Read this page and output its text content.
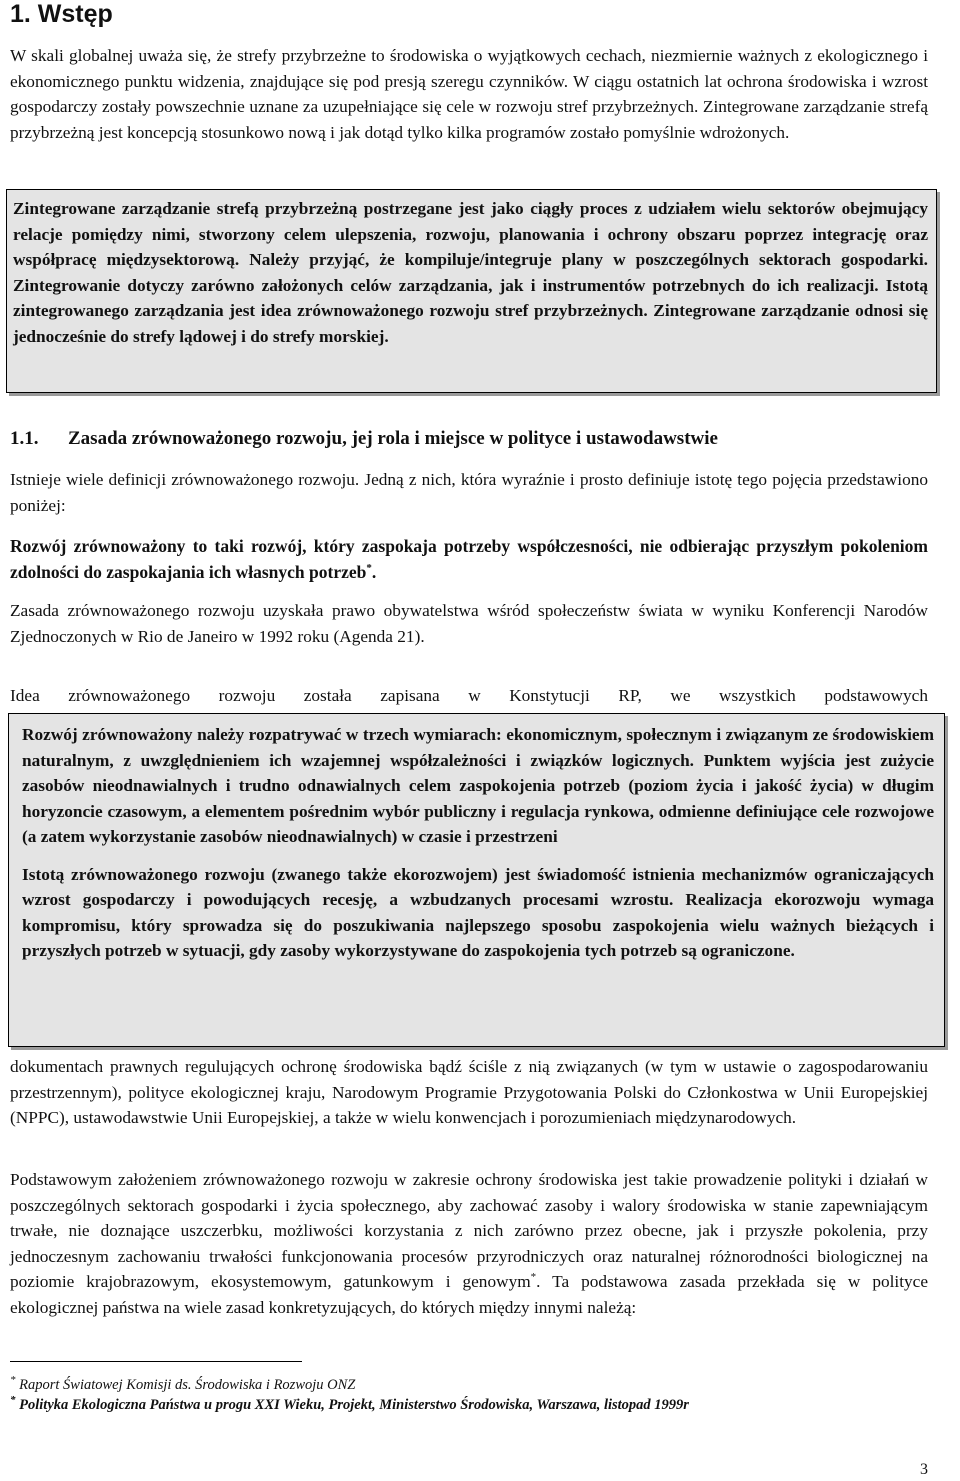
1. Wstęp

W skali globalnej uważa się, że strefy przybrzeżne to środowiska o wyjątkowych cechach, niezmiernie ważnych z ekologicznego i ekonomicznego punktu widzenia, znajdujące się pod presją szeregu czynników. W ciągu ostatnich lat ochrona środowiska i wzrost gospodarczy zostały powszechnie uznane za uzupełniające się cele w rozwoju stref przybrzeżnych. Zintegrowane zarządzanie strefą przybrzeżną jest koncepcją stosunkowo nową i jak dotąd tylko kilka programów zostało pomyślnie wdrożonych.

Zintegrowane zarządzanie strefą przybrzeżną postrzegane jest jako ciągły proces z udziałem wielu sektorów obejmujący relacje pomiędzy nimi, stworzony celem ulepszenia, rozwoju, planowania i ochrony obszaru poprzez integrację oraz współpracę międzysektorową. Należy przyjąć, że kompiluje/integruje plany w poszczególnych sektorach gospodarki. Zintegrowanie dotyczy zarówno założonych celów zarządzania, jak i instrumentów potrzebnych do ich realizacji. Istotą zintegrowanego zarządzania jest idea zrównoważonego rozwoju stref przybrzeżnych. Zintegrowane zarządzanie odnosi się jednocześnie do strefy lądowej i do strefy morskiej.

1.1. Zasada zrównoważonego rozwoju, jej rola i miejsce w polityce i ustawodawstwie

Istnieje wiele definicji zrównoważonego rozwoju. Jedną z nich, która wyraźnie i prosto definiuje istotę tego pojęcia przedstawiono poniżej:

Rozwój zrównoważony to taki rozwój, który zaspokaja potrzeby współczesności, nie odbierając przyszłym pokoleniom zdolności do zaspokajania ich własnych potrzeb*.

Zasada zrównoważonego rozwoju uzyskała prawo obywatelstwa wśród społeczeństw świata w wyniku Konferencji Narodów Zjednoczonych w Rio de Janeiro w 1992 roku (Agenda 21).

Idea zrównoważonego rozwoju została zapisana w Konstytucji RP, we wszystkich podstawowych

Rozwój zrównoważony należy rozpatrywać w trzech wymiarach: ekonomicznym, społecznym i związanym ze środowiskiem naturalnym, z uwzględnieniem ich wzajemnej współzależności i związków logicznych. Punktem wyjścia jest zużycie zasobów nieodnawialnych i trudno odnawialnych celem zaspokojenia potrzeb (poziom życia i jakość życia) w długim horyzoncie czasowym, a elementem pośrednim wybór publiczny i regulacja rynkowa, odmienne definiujące cele rozwojowe (a zatem wykorzystanie zasobów nieodnawialnych) w czasie i przestrzeni

Istotą zrównoważonego rozwoju (zwanego także ekorozwojem) jest świadomość istnienia mechanizmów ograniczających wzrost gospodarczy i powodujących recesję, a wzbudzanych procesami wzrostu. Realizacja ekorozwoju wymaga kompromisu, który sprowadza się do poszukiwania najlepszego sposobu zaspokojenia wielu ważnych bieżących i przyszłych potrzeb w sytuacji, gdy zasoby wykorzystywane do zaspokojenia tych potrzeb są ograniczone.

dokumentach prawnych regulujących ochronę środowiska bądź ściśle z nią związanych (w tym w ustawie o zagospodarowaniu przestrzennym), polityce ekologicznej kraju, Narodowym Programie Przygotowania Polski do Członkostwa w Unii Europejskiej (NPPC), ustawodawstwie Unii Europejskiej, a także w wielu konwencjach i porozumieniach międzynarodowych.

Podstawowym założeniem zrównoważonego rozwoju w zakresie ochrony środowiska jest takie prowadzenie polityki i działań w poszczególnych sektorach gospodarki i życia społecznego, aby zachować zasoby i walory środowiska w stanie zapewniającym trwałe, nie doznające uszczerbku, możliwości korzystania z nich zarówno przez obecne, jak i przyszłe pokolenia, przy jednoczesnym zachowaniu trwałości funkcjonowania procesów przyrodniczych oraz naturalnej różnorodności biologicznej na poziomie krajobrazowym, ekosystemowym, gatunkowym i genowym*. Ta podstawowa zasada przekłada się w polityce ekologicznej państwa na wiele zasad konkretyzujących, do których między innymi należą:

* Raport Światowej Komisji ds. Środowiska i Rozwoju ONZ

* Polityka Ekologiczna Państwa u progu XXI Wieku, Projekt, Ministerstwo Środowiska, Warszawa, listopad 1999r

3
